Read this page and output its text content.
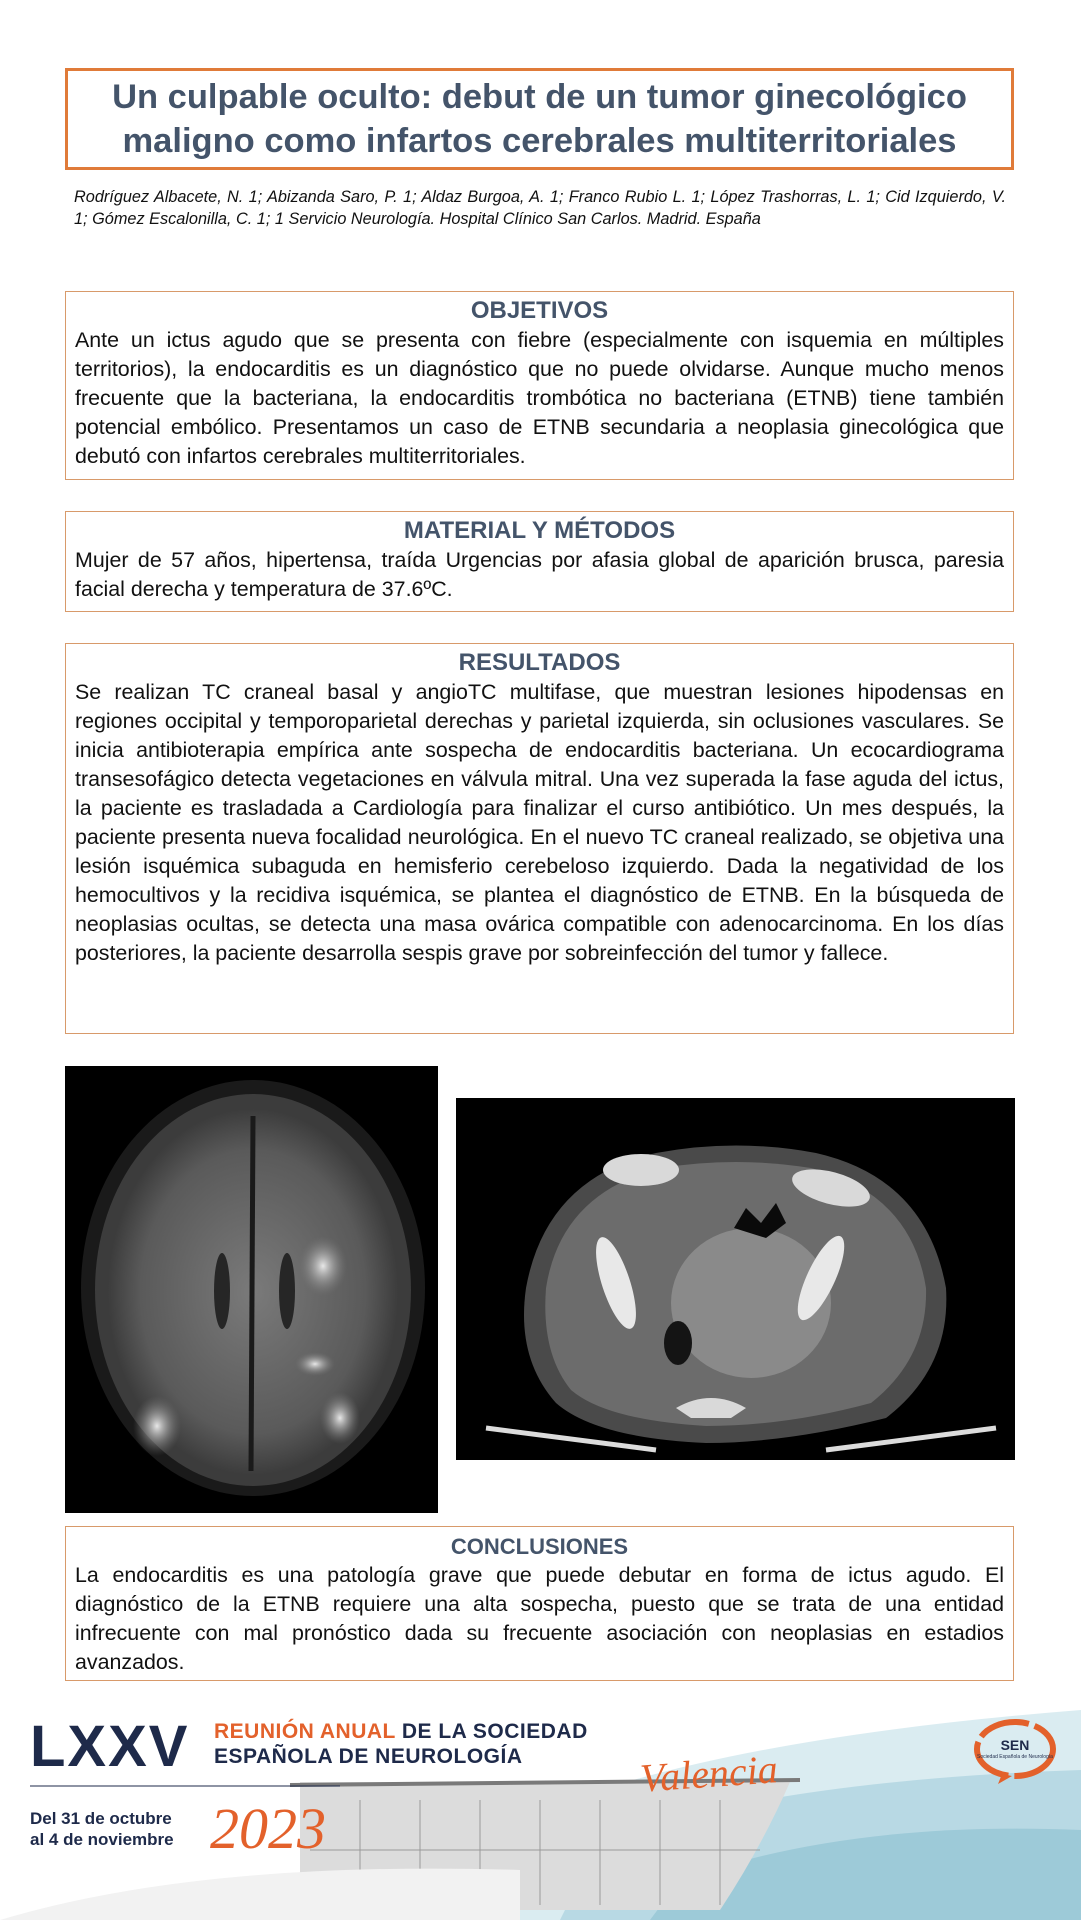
Un culpable oculto: debut de un tumor ginecológico

maligno como infartos cerebrales multiterritoriales

Rodríguez Albacete, N. 1; Abizanda Saro, P. 1; Aldaz Burgoa, A. 1; Franco Rubio L. 1; López Trashorras, L. 1; Cid Izquierdo, V. 1; Gómez Escalonilla, C. 1; 1 Servicio Neurología. Hospital Clínico San Carlos. Madrid. España
OBJETIVOS

Ante un ictus agudo que se presenta con fiebre (especialmente con isquemia en múltiples territorios), la endocarditis es un diagnóstico que no puede olvidarse. Aunque mucho menos frecuente que la bacteriana, la endocarditis trombótica no bacteriana (ETNB) tiene también potencial embólico. Presentamos un caso de ETNB secundaria a neoplasia ginecológica que debutó con infartos cerebrales multiterritoriales.

MATERIAL Y MÉTODOS

Mujer de 57 años, hipertensa, traída Urgencias por afasia global de aparición brusca, paresia facial derecha y temperatura de 37.6ºC.

RESULTADOS

Se realizan TC craneal basal y angioTC multifase, que muestran lesiones hipodensas en regiones occipital y temporoparietal derechas y parietal izquierda, sin oclusiones vasculares. Se inicia antibioterapia empírica ante sospecha de endocarditis bacteriana. Un ecocardiograma transesofágico detecta vegetaciones en válvula mitral. Una vez superada la fase aguda del ictus, la paciente es trasladada a Cardiología para finalizar el curso antibiótico. Un mes después, la paciente presenta nueva focalidad neurológica. En el nuevo TC craneal realizado, se objetiva una lesión isquémica subaguda en hemisferio cerebeloso izquierdo. Dada la negatividad de los hemocultivos y la recidiva isquémica, se plantea el diagnóstico de ETNB. En la búsqueda de neoplasias ocultas, se detecta una masa ovárica compatible con adenocarcinoma. En los días posteriores, la paciente desarrolla sespis grave por sobreinfección del tumor y fallece.

CONCLUSIONES

La endocarditis es una patología grave que puede debutar en forma de ictus agudo. El diagnóstico de la ETNB requiere una alta sospecha, puesto que se trata de una entidad infrecuente con mal pronóstico dada su frecuente asociación con neoplasias en estadios avanzados.

LXXV REUNIÓN ANUAL DE LA SOCIEDAD
ESPAÑOLA DE NEUROLOGÍA
Del 31 de octubre
al 4 de noviembre 2023
Valencia
SEN
Sociedad Española de Neurología
